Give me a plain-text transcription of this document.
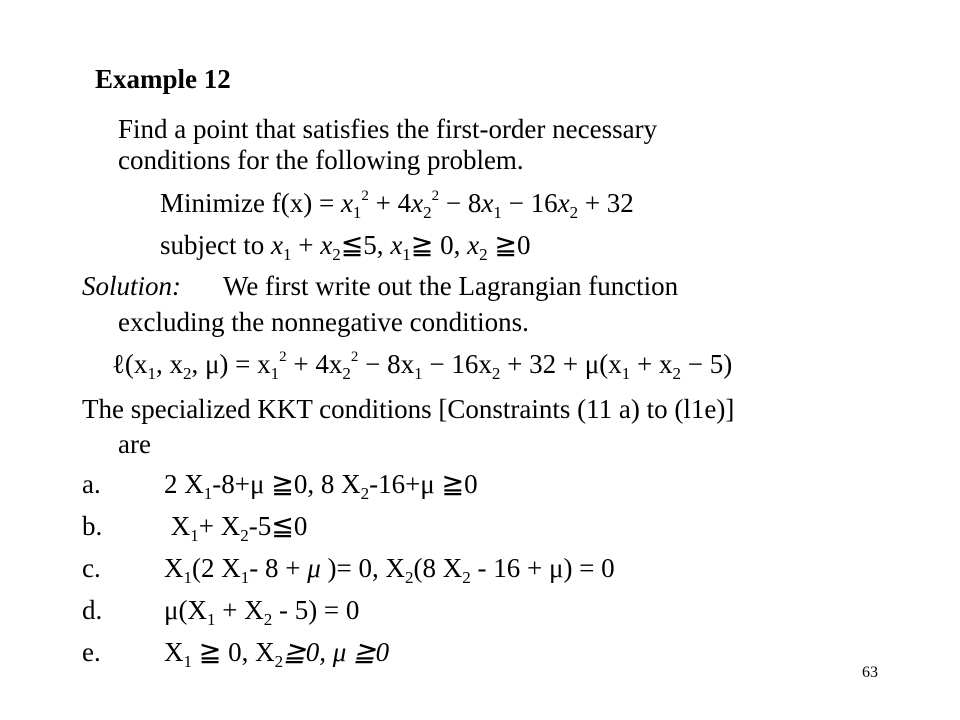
Example 12
Find a point that satisfies the first-order necessary
conditions for the following problem.
Minimize $f(x) = x_1^2 + 4x_2^2 - 8x_1 - 16x_2 + 32$
subject to $x_1$ + $x_2≦5$, $x_1≧$ 0, $x_2$ ≧0
Solution: We first write out the Lagrangian function
excluding the nonnegative conditions.
$\ell(x_1$, $x_2$, $\mu) = x_1^2 + 4x_2^2 - 8x_1 - 16x_2 + 32 + \mu(x_1 + x_2 - 5)$
The specialized KKT conditions [Constraints (11 a) to (l1e)]
are
a. 2 $X_1-8+\mu$ ≧0, 8 $X_2-16+\mu$ ≧0
b. $X_1+$ $X_2-5≦0$
c. $X_1(2$ $X_1-$ 8 + μ )= 0, $X_2(8$ $X_2 - 16 + \mu) = 0$
d. $\mu(X_1 + X_2 - 5) = 0$
e. $X_1$ ≧ 0, $X_2≧0$, μ ≧0
63
